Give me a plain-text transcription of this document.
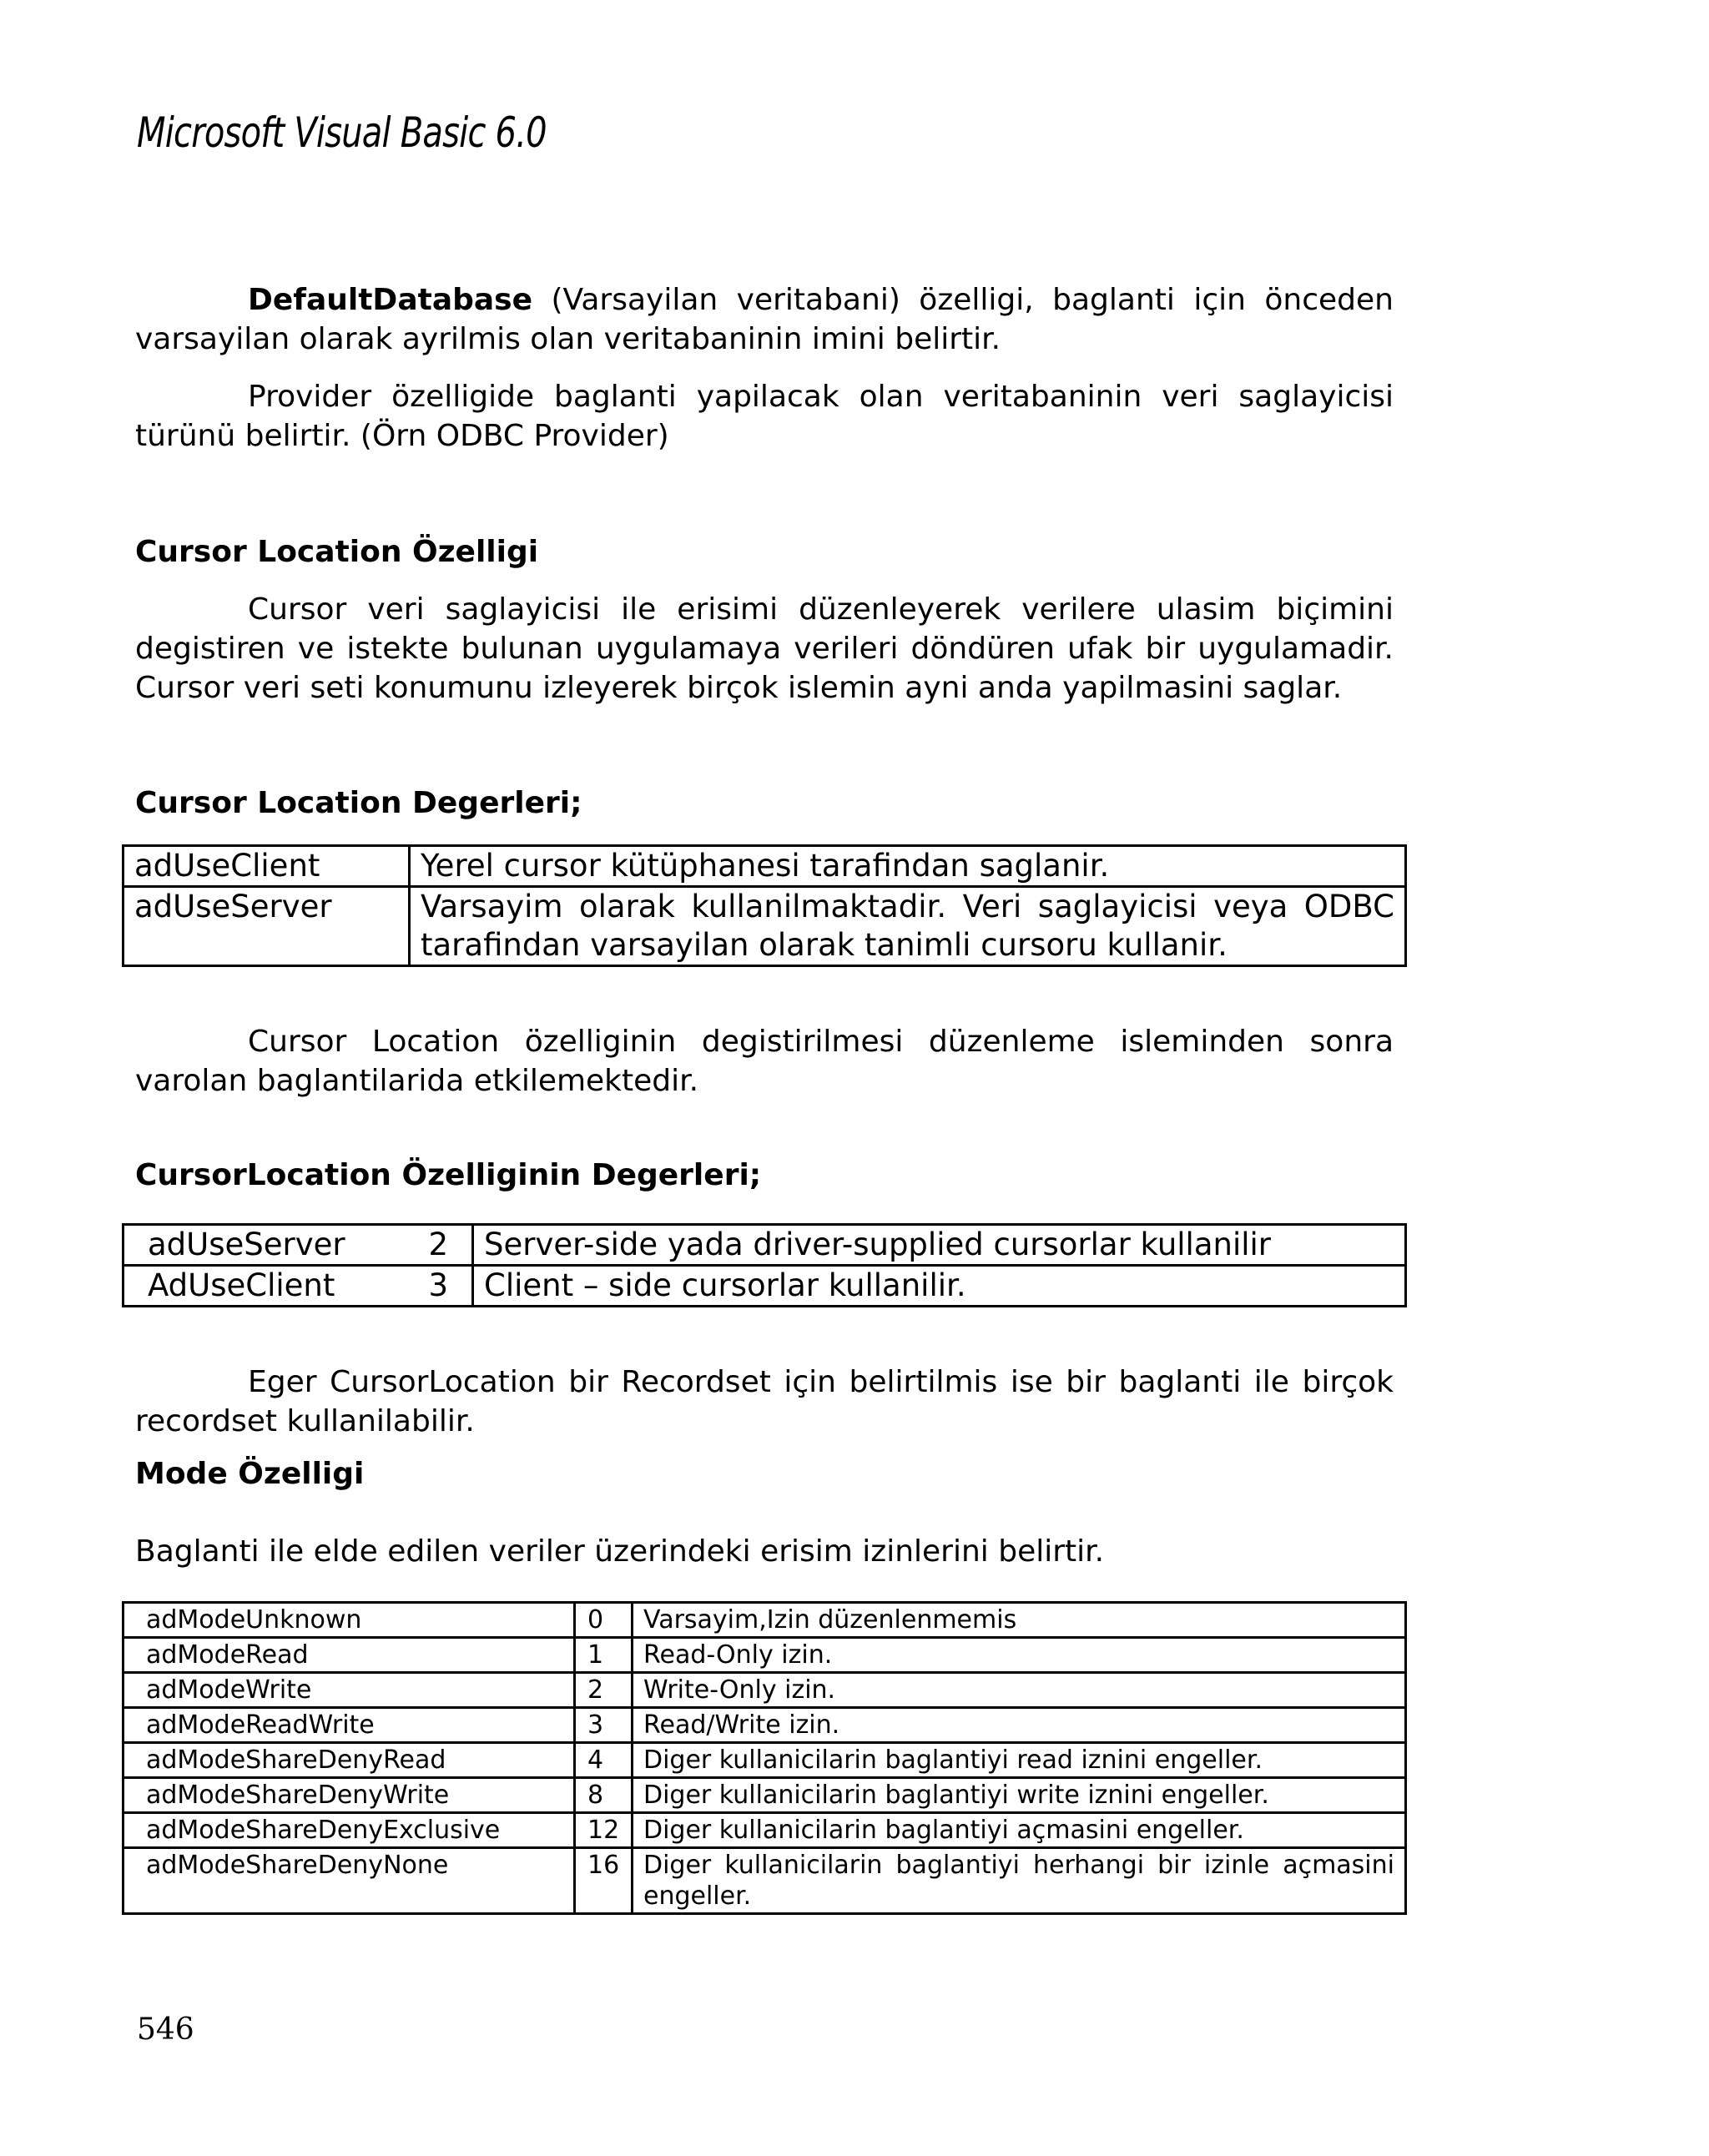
Microsoft Visual Basic 6.0

DefaultDatabase (Varsayilan veritabani) özelligi, baglanti için önceden varsayilan olarak ayrilmis olan veritabaninin imini belirtir.

Provider özelligide baglanti yapilacak olan veritabaninin veri saglayicisi türünü belirtir. (Örn ODBC Provider)

Cursor Location Özelligi

Cursor veri saglayicisi ile erisimi düzenleyerek verilere ulasim biçimini degistiren ve istekte bulunan uygulamaya verileri döndüren ufak bir uygulamadir. Cursor veri seti konumunu izleyerek birçok islemin ayni anda yapilmasini saglar.

Cursor Location Degerleri;
adUseClient	Yerel cursor kütüphanesi tarafindan saglanir.
adUseServer	Varsayim olarak kullanilmaktadir. Veri saglayicisi veya ODBC tarafindan varsayilan olarak tanimli cursoru kullanir.

Cursor Location özelliginin degistirilmesi düzenleme isleminden sonra varolan baglantilarida etkilemektedir.

CursorLocation Özelliginin Degerleri;
adUseServer 2	Server-side yada driver-supplied cursorlar kullanilir

AdUseClient 3	Client – side cursorlar kullanilir.

Eger CursorLocation bir Recordset için belirtilmis ise bir baglanti ile birçok recordset kullanilabilir.

Mode Özelligi

Baglanti ile elde edilen veriler üzerindeki erisim izinlerini belirtir.

adModeUnknown	0	Varsayim,Izin düzenlenmemis
adModeRead	1	Read-Only izin.
adModeWrite	2	Write-Only izin.
adModeReadWrite	3	Read/Write izin.
adModeShareDenyRead	4	Diger kullanicilarin baglantiyi read iznini engeller.
adModeShareDenyWrite	8	Diger kullanicilarin baglantiyi write iznini engeller.
adModeShareDenyExclusive	12	Diger kullanicilarin baglantiyi açmasini engeller.
adModeShareDenyNone	16	Diger kullanicilarin baglantiyi herhangi bir izinle açmasini engeller.
546
